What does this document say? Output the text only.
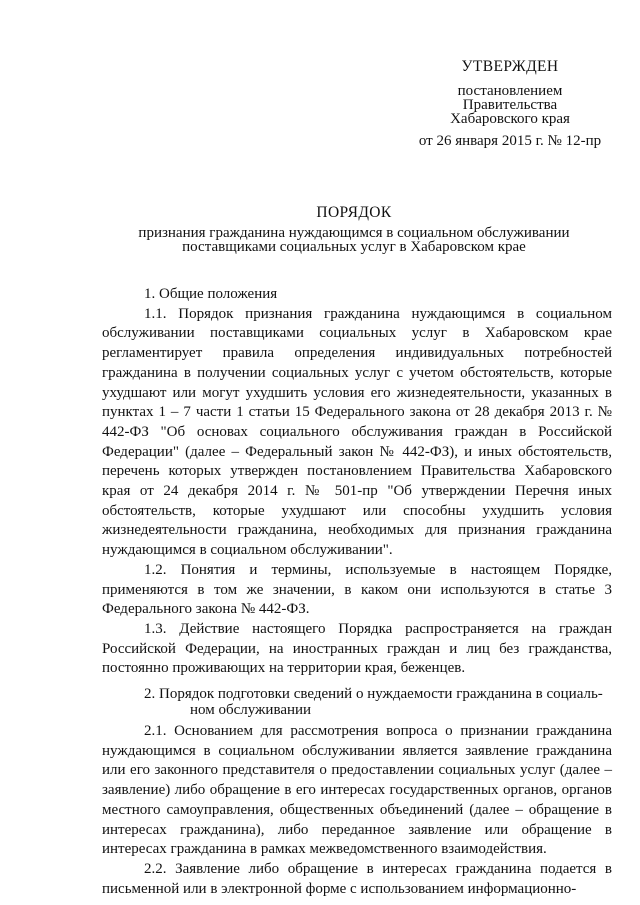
УТВЕРЖДЕН
постановлением
Правительства
Хабаровского края
от 26 января 2015 г. № 12-пр
ПОРЯДОК
признания гражданина нуждающимся в социальном обслуживании
поставщиками социальных услуг в Хабаровском крае

1. Общие положения

1.1. Порядок признания гражданина нуждающимся в социальном обслуживании поставщиками социальных услуг в Хабаровском крае регламентирует правила определения индивидуальных потребностей гражданина в получении социальных услуг с учетом обстоятельств, которые ухудшают или могут ухудшить условия его жизнедеятельности, указанных в пунктах 1 – 7 части 1 статьи 15 Федерального закона от 28 декабря 2013 г. № 442-ФЗ "Об основах социального обслуживания граждан в Российской Федерации" (далее – Федеральный закон № 442-ФЗ), и иных обстоятельств, перечень которых утвержден постановлением Правительства Хабаровского края от 24 декабря 2014 г. № 501-пр "Об утверждении Перечня иных обстоятельств, которые ухудшают или способны ухудшить условия жизнедеятельности гражданина, необходимых для признания гражданина нуждающимся в социальном обслуживании".

1.2. Понятия и термины, используемые в настоящем Порядке, применяются в том же значении, в каком они используются в статье 3 Федерального закона № 442-ФЗ.

1.3. Действие настоящего Порядка распространяется на граждан Российской Федерации, на иностранных граждан и лиц без гражданства, постоянно проживающих на территории края, беженцев.

2. Порядок подготовки сведений о нуждаемости гражданина в социаль-
ном обслуживании

2.1. Основанием для рассмотрения вопроса о признании гражданина нуждающимся в социальном обслуживании является заявление гражданина или его законного представителя о предоставлении социальных услуг (далее – заявление) либо обращение в его интересах государственных органов, органов местного самоуправления, общественных объединений (далее – обращение в интересах гражданина), либо переданное заявление или обращение в интересах гражданина в рамках межведомственного взаимодействия.

2.2. Заявление либо обращение в интересах гражданина подается в письменной или в электронной форме с использованием информационно-
